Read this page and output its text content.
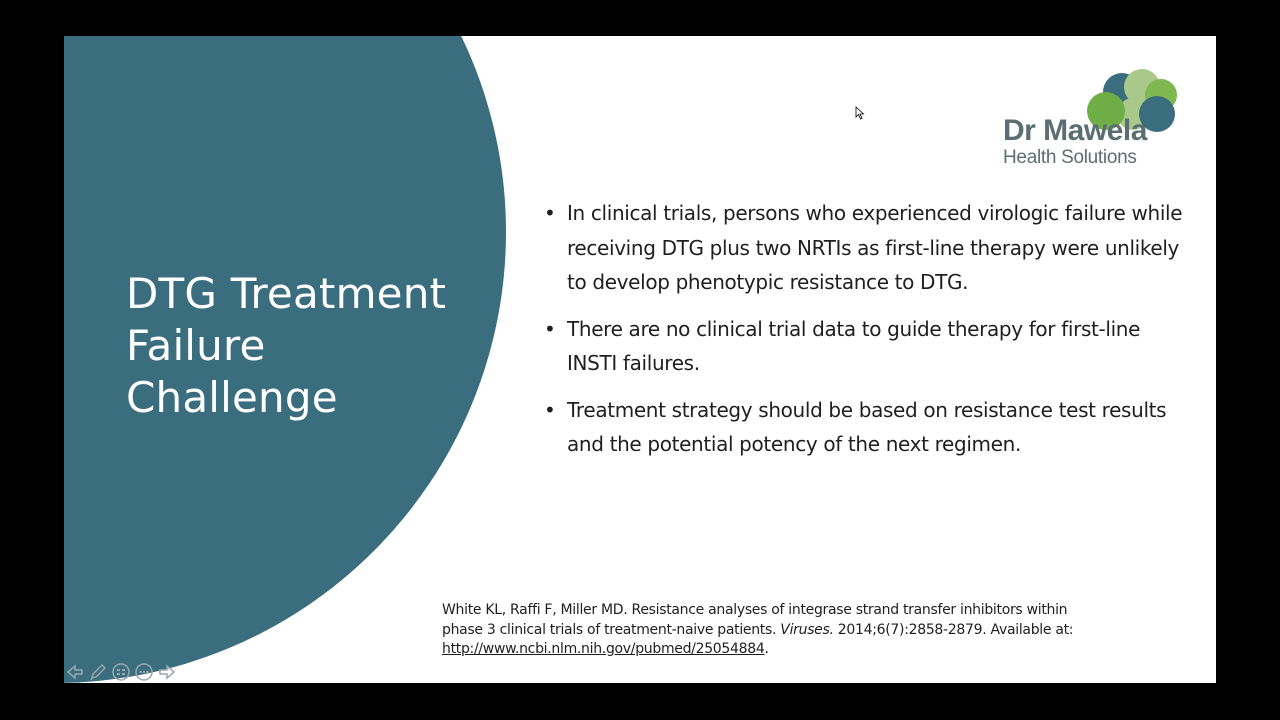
DTG Treatment Failure Challenge
Dr Mawela
Health Solutions
• In clinical trials, persons who experienced virologic failure while receiving DTG plus two NRTIs as first-line therapy were unlikely to develop phenotypic resistance to DTG.
• There are no clinical trial data to guide therapy for first-line INSTI failures.
• Treatment strategy should be based on resistance test results and the potential potency of the next regimen.
White KL, Raffi F, Miller MD. Resistance analyses of integrase strand transfer inhibitors within phase 3 clinical trials of treatment-naive patients. Viruses. 2014;6(7):2858-2879. Available at: http://www.ncbi.nlm.nih.gov/pubmed/25054884.
